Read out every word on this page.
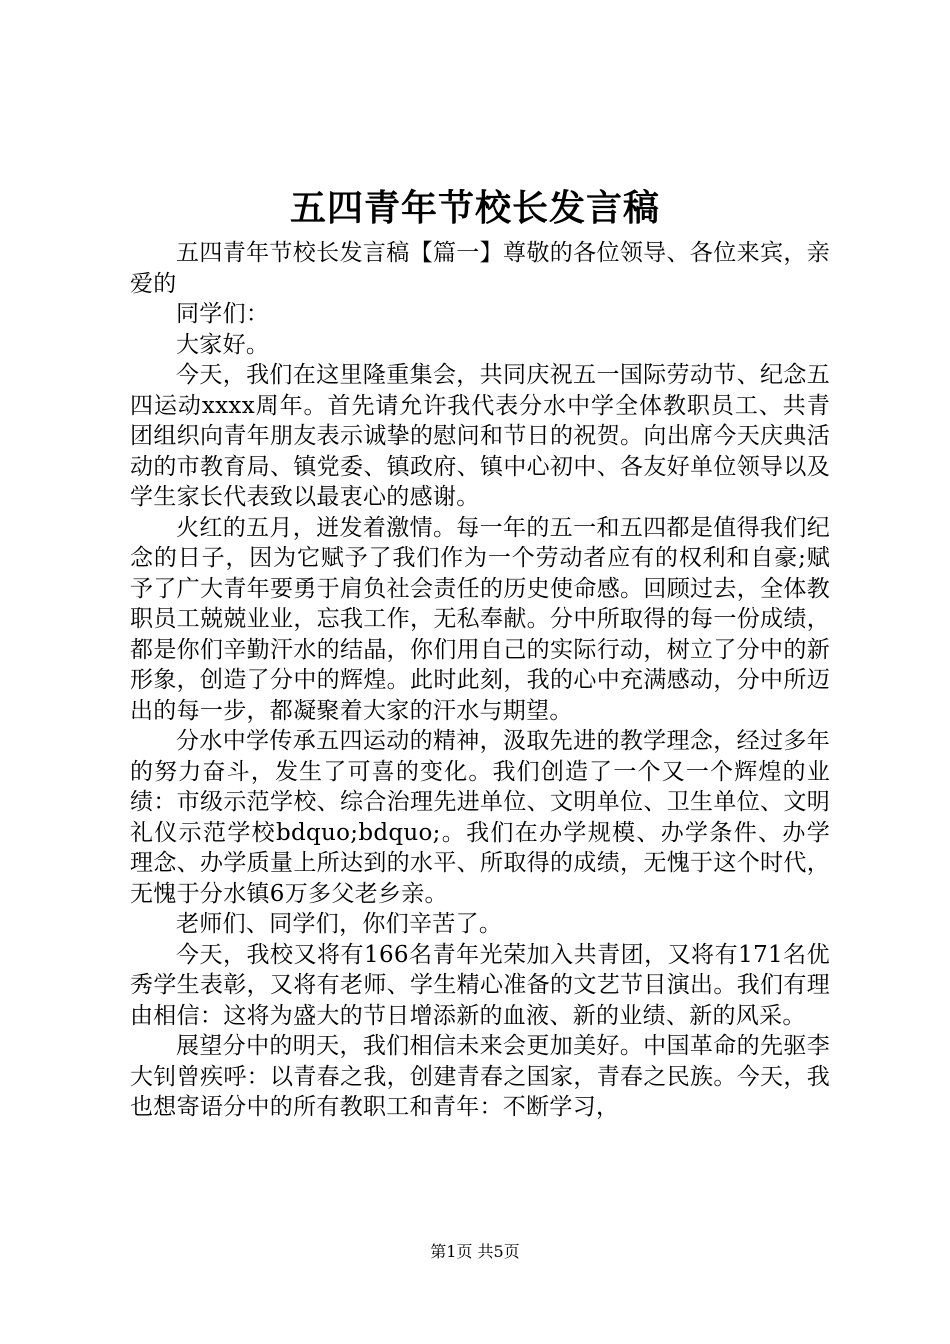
五四青年节校长发言稿

五四青年节校长发言稿【篇一】尊敬的各位领导、各位来宾，亲爱的

同学们：

大家好。

今天，我们在这里隆重集会，共同庆祝五一国际劳动节、纪念五四运动xxxx周年。首先请允许我代表分水中学全体教职员工、共青团组织向青年朋友表示诚挚的慰问和节日的祝贺。向出席今天庆典活动的市教育局、镇党委、镇政府、镇中心初中、各友好单位领导以及学生家长代表致以最衷心的感谢。

火红的五月，迸发着激情。每一年的五一和五四都是值得我们纪念的日子，因为它赋予了我们作为一个劳动者应有的权利和自豪;赋予了广大青年要勇于肩负社会责任的历史使命感。回顾过去，全体教职员工兢兢业业，忘我工作，无私奉献。分中所取得的每一份成绩，都是你们辛勤汗水的结晶，你们用自己的实际行动，树立了分中的新形象，创造了分中的辉煌。此时此刻，我的心中充满感动，分中所迈出的每一步，都凝聚着大家的汗水与期望。

分水中学传承五四运动的精神，汲取先进的教学理念，经过多年的努力奋斗，发生了可喜的变化。我们创造了一个又一个辉煌的业绩：市级示范学校、综合治理先进单位、文明单位、卫生单位、文明礼仪示范学校bdquo;bdquo;。我们在办学规模、办学条件、办学理念、办学质量上所达到的水平、所取得的成绩，无愧于这个时代，无愧于分水镇6万多父老乡亲。

老师们、同学们，你们辛苦了。

今天，我校又将有166名青年光荣加入共青团，又将有171名优秀学生表彰，又将有老师、学生精心准备的文艺节目演出。我们有理由相信：这将为盛大的节日增添新的血液、新的业绩、新的风采。

展望分中的明天，我们相信未来会更加美好。中国革命的先驱李大钊曾疾呼：以青春之我，创建青春之国家，青春之民族。今天，我也想寄语分中的所有教职工和青年：不断学习，

第1页 共5页
